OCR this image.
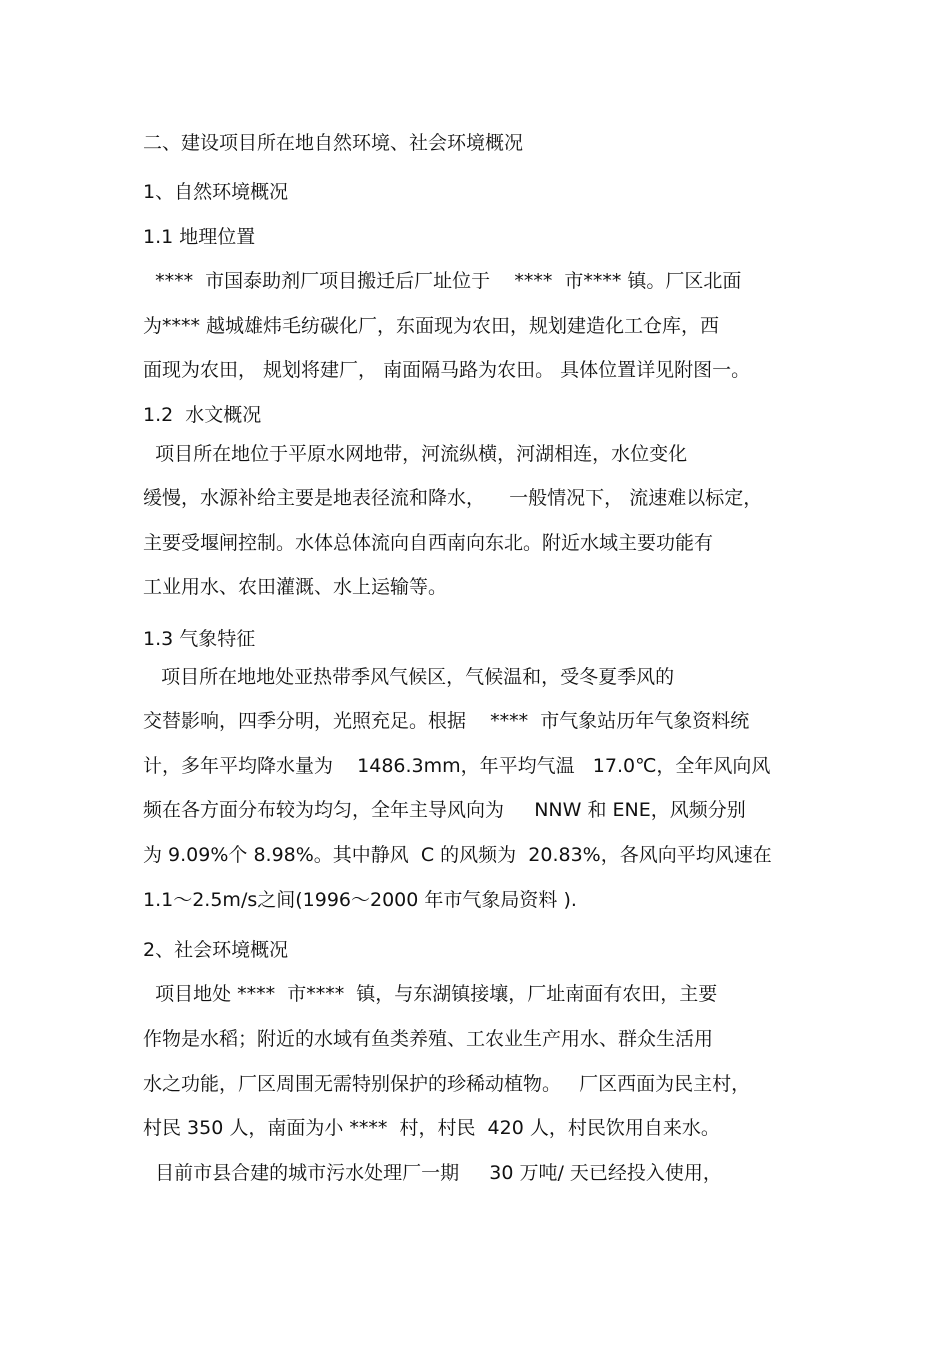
二、建设项目所在地自然环境、社会环境概况
1、自然环境概况
1.1 地理位置
****  市国泰助剂厂项目搬迁后厂址位于    ****  市**** 镇。厂区北面
为**** 越城雄炜毛纺碳化厂，东面现为农田，规划建造化工仓库，西
面现为农田， 规划将建厂， 南面隔马路为农田。 具体位置详见附图一。
1.2  水文概况
项目所在地位于平原水网地带，河流纵横，河湖相连，水位变化
缓慢，水源补给主要是地表径流和降水，    一般情况下， 流速难以标定，
主要受堰闸控制。水体总体流向自西南向东北。附近水域主要功能有
工业用水、农田灌溉、水上运输等。
1.3 气象特征
项目所在地地处亚热带季风气候区，气候温和，受冬夏季风的
交替影响，四季分明，光照充足。根据    ****  市气象站历年气象资料统
计，多年平均降水量为    1486.3mm，年平均气温   17.0℃，全年风向风
频在各方面分布较为均匀，全年主导风向为     NNW 和 ENE，风频分别
为 9.09%个 8.98%。其中静风  C 的风频为  20.83%，各风向平均风速在
1.1～2.5m/s之间(1996～2000 年市气象局资料 ).
2、社会环境概况
项目地处 ****  市****  镇，与东湖镇接壤，厂址南面有农田，主要
作物是水稻；附近的水域有鱼类养殖、工农业生产用水、群众生活用
水之功能，厂区周围无需特别保护的珍稀动植物。   厂区西面为民主村，
村民 350 人，南面为小 ****  村，村民  420 人，村民饮用自来水。
目前市县合建的城市污水处理厂一期     30 万吨/ 天已经投入使用，
